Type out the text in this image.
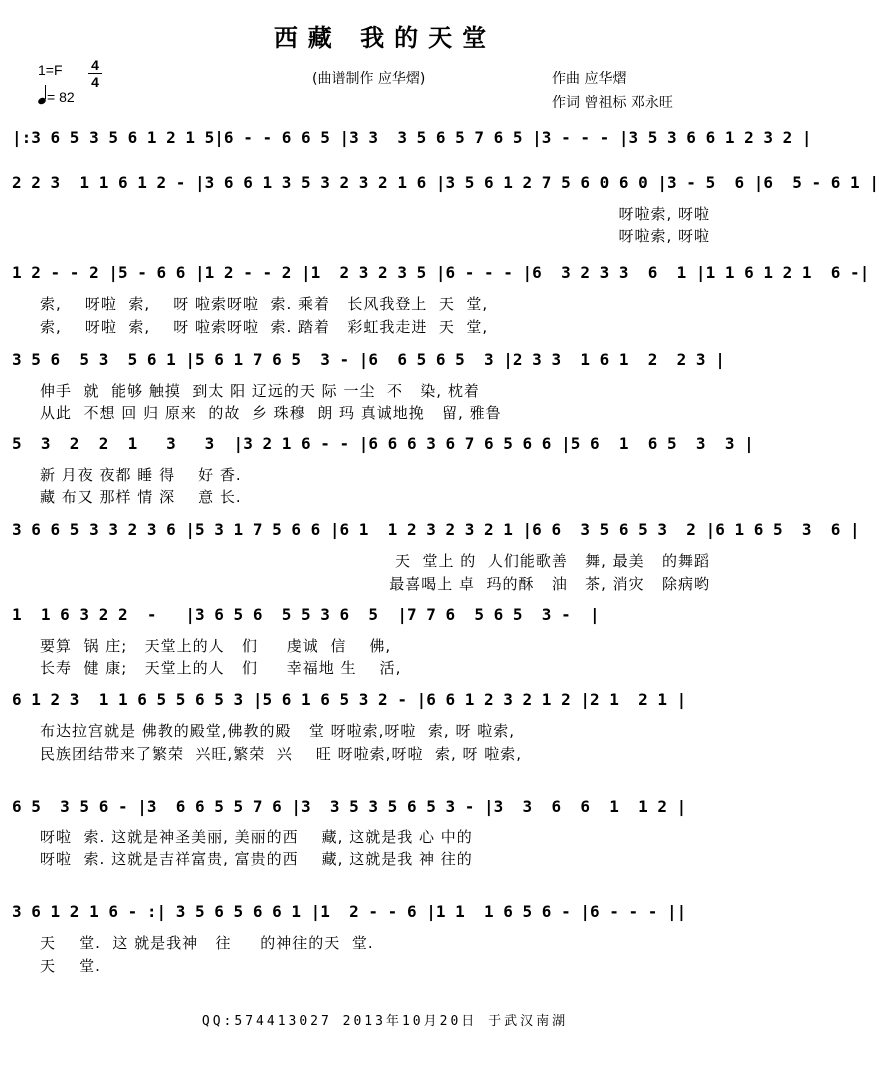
西藏 我的天堂
1=F 4
4
= 82
(曲谱制作 应华熠)	作曲 应华熠
作词 曾祖标 邓永旺
|:3 6 5 3 5 6 1 2 1 5|6 - - 6 6 5 |3 3  3 5 6 5 7 6 5 |3 - - - |3 5 3 6 6 1 2 3 2 |
2 2 3  1 1 6 1 2 - |3 6 6 1 3 5 3 2 3 2 1 6 |3 5 6 1 2 7 5 6 0 6 0 |3 - 5  6 |6  5 - 6 1 |
呀啦索, 呀啦
呀啦索, 呀啦
1 2 - - 2 |5 - 6 6 |1 2 - - 2 |1  2 3 2 3 5 |6 - - - |6  3 2 3 3  6  1 |1 1 6 1 2 1  6 -|
索,    呀啦  索,    呀 啦索呀啦  索. 乘着   长风我登上  天  堂,
索,    呀啦  索,    呀 啦索呀啦  索. 踏着   彩虹我走进  天  堂,
3 5 6  5 3  5 6 1 |5 6 1 7 6 5  3 - |6  6 5 6 5  3 |2 3 3  1 6 1  2  2 3 |
伸手  就  能够 触摸  到太 阳 辽远的天 际 一尘  不   染, 枕着
从此  不想 回 归 原来  的故  乡 珠穆  朗 玛 真诚地挽   留, 雅鲁
5  3  2  2  1   3   3  |3 2 1 6 - - |6 6 6 3 6 7 6 5 6 6 |5 6  1  6 5  3  3 |
新 月夜 夜都 睡 得    好 香.
藏 布又 那样 情 深    意 长.
3 6 6 5 3 3 2 3 6 |5 3 1 7 5 6 6 |6 1  1 2 3 2 3 2 1 |6 6  3 5 6 5 3  2 |6 1 6 5  3  6 |
天  堂上 的  人们能歌善   舞, 最美   的舞蹈
最喜喝上 卓  玛的酥   油   茶, 消灾   除病哟
1  1 6 3 2 2  -   |3 6 5 6  5 5 3 6  5  |7 7 6  5 6 5  3 -  |
要算  锅 庄;   天堂上的人   们     虔诚  信    佛,
长寿  健 康;   天堂上的人   们     幸福地 生    活,
6 1 2 3  1 1 6 5 5 6 5 3 |5 6 1 6 5 3 2 - |6 6 1 2 3 2 1 2 |2 1  2 1 |
布达拉宫就是 佛教的殿堂,佛教的殿   堂 呀啦索,呀啦  索, 呀 啦索,
民族团结带来了繁荣  兴旺,繁荣  兴    旺 呀啦索,呀啦  索, 呀 啦索,
6 5  3 5 6 - |3  6 6 5 5 7 6 |3  3 5 3 5 6 5 3 - |3  3  6  6  1  1 2 |
呀啦  索. 这就是神圣美丽, 美丽的西    藏, 这就是我 心 中的
呀啦  索. 这就是吉祥富贵, 富贵的西    藏, 这就是我 神 往的
3 6 1 2 1 6 - :| 3 5 6 5 6 6 1 |1  2 - - 6 |1 1  1 6 5 6 - |6 - - - ||
天    堂.  这 就是我神   往     的神往的天  堂.
天    堂.
QQ:574413027 2013年10月20日 于武汉南湖
